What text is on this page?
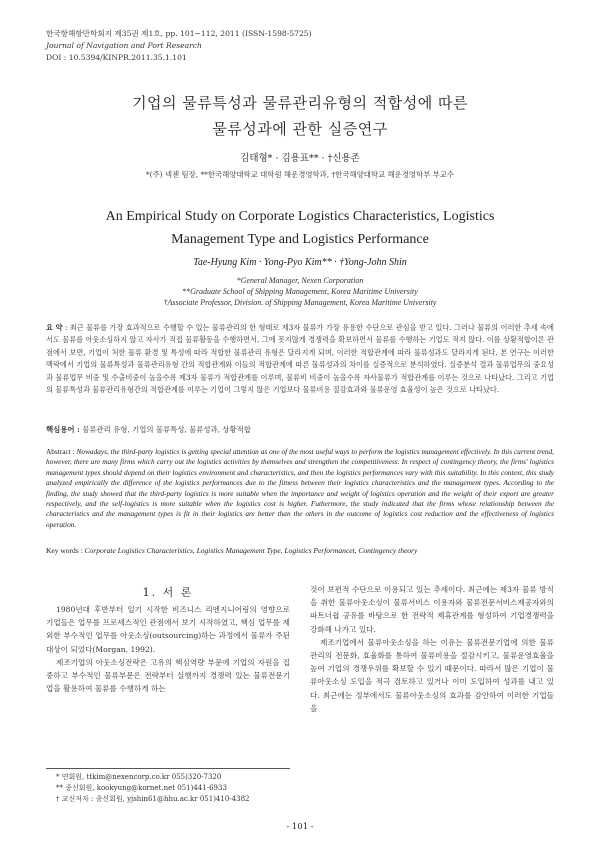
한국항해항만학회지 제35권 제1호, pp. 101~112, 2011 (ISSN-1598-5725)
Journal of Navigation and Port Research
DOI : 10.5394/KINPR.2011.35.1.101
기업의 물류특성과 물류관리유형의 적합성에 따른
물류성과에 관한 실증연구
김태형* · 김용표** · †신용존
*(주) 넥젠 팀장, **한국해양대학교 대학원 해운경영학과, †한국해양대학교 해운경영학부 부교수
An Empirical Study on Corporate Logistics Characteristics, Logistics
Management Type and Logistics Performance
Tae-Hyung Kim · Yong-Pyo Kim** · †Yong-John Shin
*General Manager, Nexen Corporation
**Graduate School of Shipping Management, Korea Maritime University
†Associate Professor, Division. of Shipping Management, Korea Maritime University
요 약 : 최근 물류를 가장 효과적으로 수행할 수 있는 물류관리의 한 형태로 제3자 물류가 가장 유용한 수단으로 관심을 받고 있다. 그러나 물류의 이러한 추세 속에서도 물류를 아웃소싱하지 않고 자사가 직접 물류활동을 수행하면서, 그에 못지않게 경쟁력을 확보하면서 물류를 수행하는 기업도 적지 않다. 이를 상황적합이론 관점에서 보면, 기업이 처한 물류 환경 및 특성에 따라 적합한 물류관리 유형은 달라지게 되며, 이러한 적합관계에 따라 물류성과도 달라지게 된다. 본 연구는 이러한 맥락에서 기업의 물류특성과 물류관리유형 간의 적합관계와 이들의 적합관계에 따른 물류성과의 차이를 실증적으로 분석하였다. 실증분석 결과 물류업무의 중요성과 물류업무 비중 및 수출비중이 높을수록 제3자 물류가 적합관계를 이루며, 물류비 비중이 높을수록 자사물류가 적합관계를 이루는 것으로 나타났다. 그리고 기업의 물류특성과 물류관리유형간의 적합관계를 이루는 기업이 그렇지 않은 기업보다 물류비용 절감효과와 물류운영 효율성이 높은 것으로 나타났다.
핵심용어 : 물류관리 유형, 기업의 물류특성, 물류성과, 상황적합
Abstract : Nowadays, the third-party logistics is getting special attention as one of the most useful ways to perform the logistics management effectively. In this current trend, however, there are many firms which carry out the logistics activities by themselves and strengthen the competitiveness. In respect of contingency theory, the firms' logistics management types should depend on their logistics environment and characteristics, and then the logistics performances vary with this suitability. In this context, this study analyzed empirically the difference of the logistics performances due to the fitness between their logistics characteristics and the management types. According to the finding, the study showed that the third-party logistics is more suitable when the importance and weight of logistics operation and the weight of their export are greater respectively, and the self-logistics is more suitable when the logistics cost is higher. Futhermore, the study indicated that the firms whose relationship between the characteristics and the management types is fit in their logistics are better than the others in the outcome of logistics cost reduction and the effectiveness of logistics operation.
Key words : Corporate Logistics Characteristics, Logistics Management Type, Logistics Performancet, Contingency theory
1. 서 론

1980년대 후반부터 일기 시작한 비즈니스 리엔지니어링의 영향으로 기업들은 업무를 프로세스적인 관점에서 보기 시작하였고, 핵심 업무를 제외한 부수적인 업무를 아웃소싱(outsourcing)하는 과정에서 물류가 주된 대상이 되었다(Morgan, 1992).

제조기업의 아웃소싱전략은 고유의 핵심역량 부문에 기업의 자원을 집중하고 부수적인 물류부문은 전략부터 실행까지 경쟁력 있는 물류전문기업을 활용하여 물류를 수행하게 하는

것이 보편적 수단으로 이용되고 있는 추세이다. 최근에는 제3자 물류 방식을 취한 물류아웃소싱이 물류서비스 이용자와 물류전문서비스제공자와의 파트너쉽 공유를 바탕으로 한 전략적 제휴관계를 형성하여 기업경쟁력을 강화해 나가고 있다.

제조기업에서 물류아웃소싱을 하는 이유는 물류전문기업에 의한 물류관리의 전문화, 효율화를 통하여 물류비용을 절감시키고, 물류운영효율을 높여 기업의 경쟁우위를 확보할 수 있기 때문이다. 따라서 많은 기업이 물류아웃소싱 도입을 적극 검토하고 있거나 이미 도입하여 성과를 내고 있다. 최근에는 정부에서도 물류아웃소싱의 효과를 감안하여 이러한 기업들을

* 연회원, ttkim@nexencorp.co.kr 055)320-7320
** 종신회원, kookyung@kornet.net 051)441-6933
† 교신저자 : 종신회원, yjshin61@hhu.ac.kr 051)410-4382
- 101 -
